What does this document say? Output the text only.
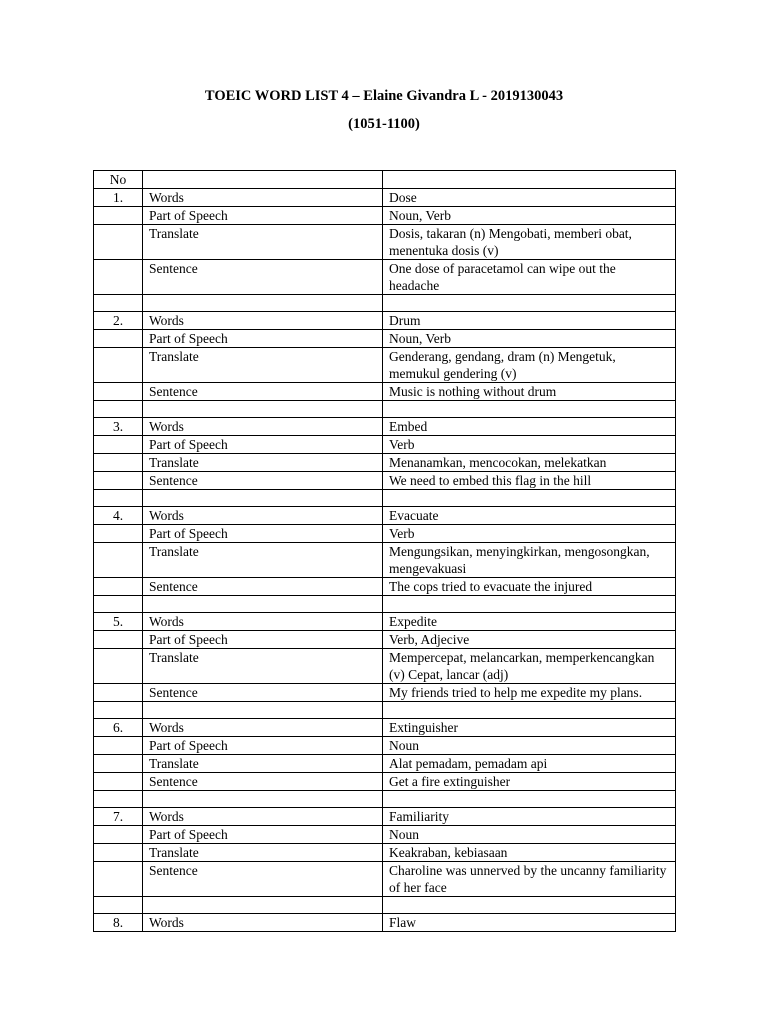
TOEIC WORD LIST 4 – Elaine Givandra L - 2019130043

(1051-1100)
No		
1.	Words	Dose
	Part of Speech	Noun, Verb
	Translate	Dosis, takaran (n) Mengobati, memberi obat, menentuka dosis (v)
	Sentence	One dose of paracetamol can wipe out the headache

2.	Words	Drum
	Part of Speech	Noun, Verb
	Translate	Genderang, gendang, dram (n) Mengetuk, memukul gendering (v)
	Sentence	Music is nothing without drum

3.	Words	Embed
	Part of Speech	Verb
	Translate	Menanamkan, mencocokan, melekatkan
	Sentence	We need to embed this flag in the hill

4.	Words	Evacuate
	Part of Speech	Verb
	Translate	Mengungsikan, menyingkirkan, mengosongkan, mengevakuasi
	Sentence	The cops tried to evacuate the injured

5.	Words	Expedite
	Part of Speech	Verb, Adjecive
	Translate	Mempercepat, melancarkan, memperkencangkan (v) Cepat, lancar (adj)
	Sentence	My friends tried to help me expedite my plans.

6.	Words	Extinguisher
	Part of Speech	Noun
	Translate	Alat pemadam, pemadam api
	Sentence	Get a fire extinguisher

7.	Words	Familiarity
	Part of Speech	Noun
	Translate	Keakraban, kebiasaan
	Sentence	Charoline was unnerved by the uncanny familiarity of her face

8.	Words	Flaw
